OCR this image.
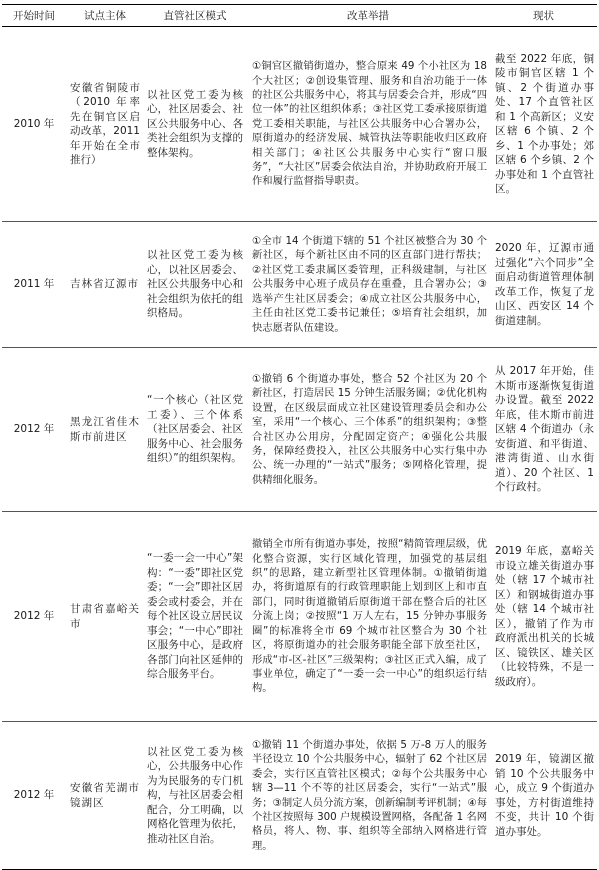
开始时间	试点主体	直管社区模式	改革举措	现状
2010 年	安徽省铜陵市（2010 年率先在铜官区启动改革，2011 年开始在全市推行）	以社区党工委为核心，社区居委会、社区公共服务中心、各类社会组织为支撑的整体架构。	①铜官区撤销街道办，整合原来 49 个小社区为 18 个大社区；②创设集管理、服务和自治功能于一体的社区公共服务中心，将其与居委会合并，形成“四位一体”的社区组织体系；③社区党工委承接原街道党工委相关职能，与社区公共服务中心合署办公，原街道办的经济发展、城管执法等职能收归区政府相关部门；④社区公共服务中心实行“窗口服务”，“大社区”居委会依法自治，并协助政府开展工作和履行监督指导职责。	截至 2022 年底，铜陵市铜官区辖 1 个镇、2 个街道办事处、17 个直管社区和 1 个高新区；义安区辖 6 个镇、2 个乡、1 个办事处；郊区辖 6 个乡镇、2 个办事处和 1 个直管社区。
2011 年	吉林省辽源市	以社区党工委为核心，以社区居委会、社区公共服务中心和社会组织为依托的组织格局。	①全市 14 个街道下辖的 51 个社区被整合为 30 个新社区，每个新社区由不同的区直部门进行帮扶；②社区党工委隶属区委管理，正科级建制，与社区公共服务中心班子成员存在重叠，且合署办公；③选举产生社区居委会；④成立社区公共服务中心，主任由社区党工委书记兼任；⑤培育社会组织，加快志愿者队伍建设。	2020 年，辽源市通过强化“六个同步”全面启动街道管理体制改革工作，恢复了龙山区、西安区 14 个街道建制。
2012 年	黑龙江省佳木斯市前进区	“一个核心（社区党工委）、三个体系（社区居委会、社区服务中心、社会服务组织）”的组织架构。	①撤销 6 个街道办事处，整合 52 个社区为 20 个新社区，打造居民 15 分钟生活服务圈；②优化机构设置，在区级层面成立社区建设管理委员会和办公室，采用“一个核心、三个体系”的组织架构；③整合社区办公用房，分配固定资产；④强化公共服务，保障经费投入，社区公共服务中心实行集中办公、统一办理的“一站式”服务；⑤网格化管理，提供精细化服务。	从 2017 年开始，佳木斯市逐渐恢复街道办设置。截至 2022 年底，佳木斯市前进区辖 4 个街道办（永安街道、和平街道、港湾街道、山水街道）、20 个社区、1 个行政村。
2012 年	甘肃省嘉峪关市	“一委一会一中心”架构：“一委”即社区党委；“一会”即社区居委会或村委会，并在每个社区设立居民议事会；“一中心”即社区服务中心，是政府各部门向社区延伸的综合服务平台。	撤销全市所有街道办事处，按照“精简管理层级，优化整合资源，实行区域化管理，加强党的基层组织”的思路，建立新型社区管理体制。①撤销街道办，将街道原有的行政管理职能上划到区上和市直部门，同时街道撤销后原街道干部在整合后的社区分流上岗；②按照“1 万人左右，15 分钟办事服务圈”的标准将全市 69 个城市社区整合为 30 个社区，将原街道办的社会服务职能全部下放至社区，形成“市-区-社区”三级架构；③社区正式入编，成了事业单位，确定了“一委一会一中心”的组织运行结构。	2019 年底，嘉峪关市设立雄关街道办事处（辖 17 个城市社区）和钢城街道办事处（辖 14 个城市社区），撤销了作为市政府派出机关的长城区、镜铁区、雄关区（比较特殊，不是一级政府）。
2012 年	安徽省芜湖市镜湖区	以社区党工委为核心，公共服务中心作为为民服务的专门机构，与社区居委会相配合，分工明确，以网格化管理为依托，推动社区自治。	①撤销 11 个街道办事处，依据 5 万-8 万人的服务半径设立 10 个公共服务中心，辐射了 62 个社区居委会，实行区直管社区模式；②每个公共服务中心辖 3—11 个不等的社区居委会，实行“一站式”服务；③制定人员分流方案，创新编制考评机制；④每个社区按照每 300 户规模设置网格，各配备 1 名网格员，将人、物、事、组织等全部纳入网格进行管理。	2019 年，镜湖区撤销 10 个公共服务中心，成立 9 个街道办事处，方村街道维持不变，共计 10 个街道办事处。
